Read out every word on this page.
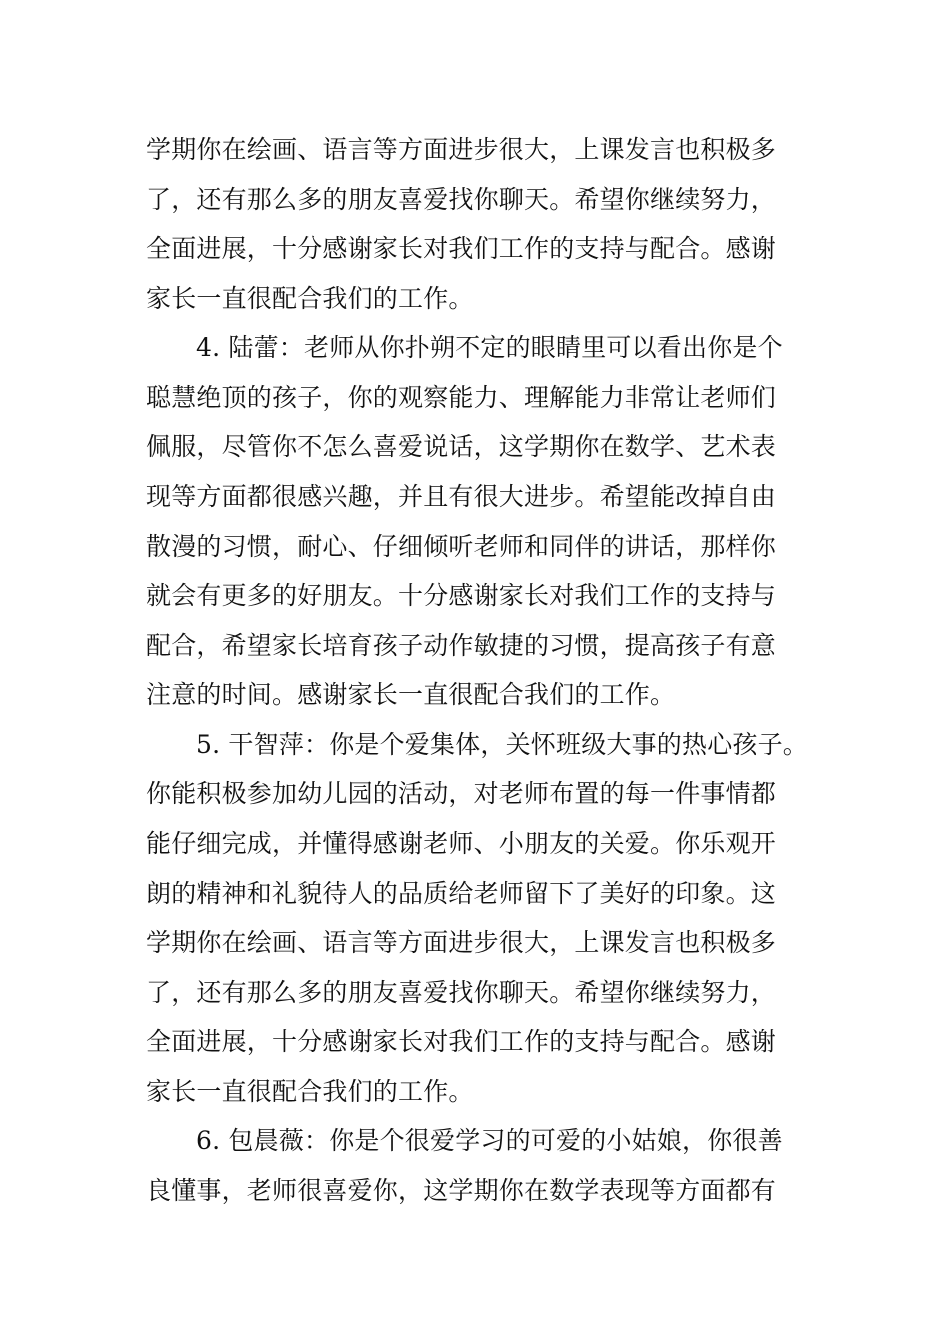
学期你在绘画、语言等方面进步很大，上课发言也积极多
了，还有那么多的朋友喜爱找你聊天。希望你继续努力，
全面进展，十分感谢家长对我们工作的支持与配合。感谢
家长一直很配合我们的工作。
4. 陆蕾：老师从你扑朔不定的眼睛里可以看出你是个
聪慧绝顶的孩子，你的观察能力、理解能力非常让老师们
佩服，尽管你不怎么喜爱说话，这学期你在数学、艺术表
现等方面都很感兴趣，并且有很大进步。希望能改掉自由
散漫的习惯，耐心、仔细倾听老师和同伴的讲话，那样你
就会有更多的好朋友。十分感谢家长对我们工作的支持与
配合，希望家长培育孩子动作敏捷的习惯，提高孩子有意
注意的时间。感谢家长一直很配合我们的工作。
5. 干智萍：你是个爱集体，关怀班级大事的热心孩子。
你能积极参加幼儿园的活动，对老师布置的每一件事情都
能仔细完成，并懂得感谢老师、小朋友的关爱。你乐观开
朗的精神和礼貌待人的品质给老师留下了美好的印象。这
学期你在绘画、语言等方面进步很大，上课发言也积极多
了，还有那么多的朋友喜爱找你聊天。希望你继续努力，
全面进展，十分感谢家长对我们工作的支持与配合。感谢
家长一直很配合我们的工作。
6. 包晨薇：你是个很爱学习的可爱的小姑娘，你很善
良懂事，老师很喜爱你，这学期你在数学表现等方面都有
